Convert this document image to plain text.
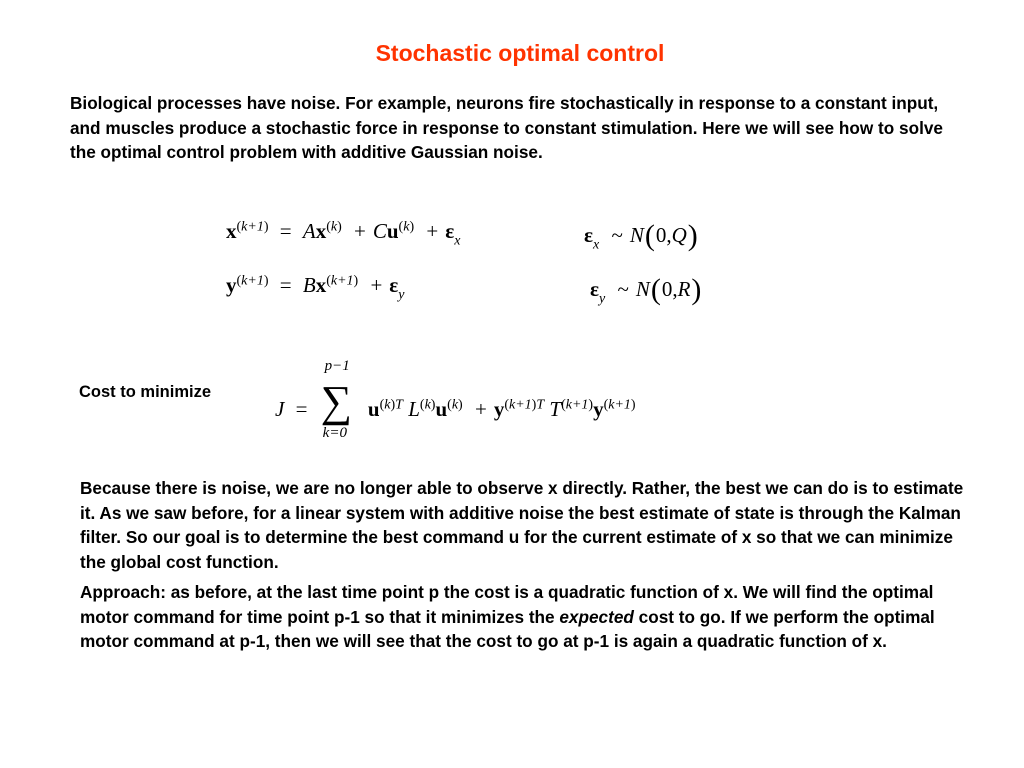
Stochastic optimal control
Biological processes have noise. For example, neurons fire stochastically in response to a constant input, and muscles produce a stochastic force in response to constant stimulation. Here we will see how to solve the optimal control problem with additive Gaussian noise.
$x^{(k+1)} = Ax^{(k)} + Cu^{(k)} + \varepsilon_x$	$\varepsilon_x$ ~ N(0,Q)
$y^{(k+1)} = Bx^{(k+1)} + \varepsilon_y$	$\varepsilon_y$ ~ N(0,R)
Cost to minimize
J =
p−1
∑
k=0
$u^{(k)T}$ $L^{(k)}u^{(k)} + y^{(k+1)T}$ $T^{(k+1)}y^{(k+1)}$
Because there is noise, we are no longer able to observe x directly. Rather, the best we can do is to estimate it. As we saw before, for a linear system with additive noise the best estimate of state is through the Kalman filter. So our goal is to determine the best command u for the current estimate of x so that we can minimize the global cost function.
Approach: as before, at the last time point p the cost is a quadratic function of x. We will find the optimal motor command for time point p-1 so that it minimizes the expected cost to go. If we perform the optimal motor command at p-1, then we will see that the cost to go at p-1 is again a quadratic function of x.
